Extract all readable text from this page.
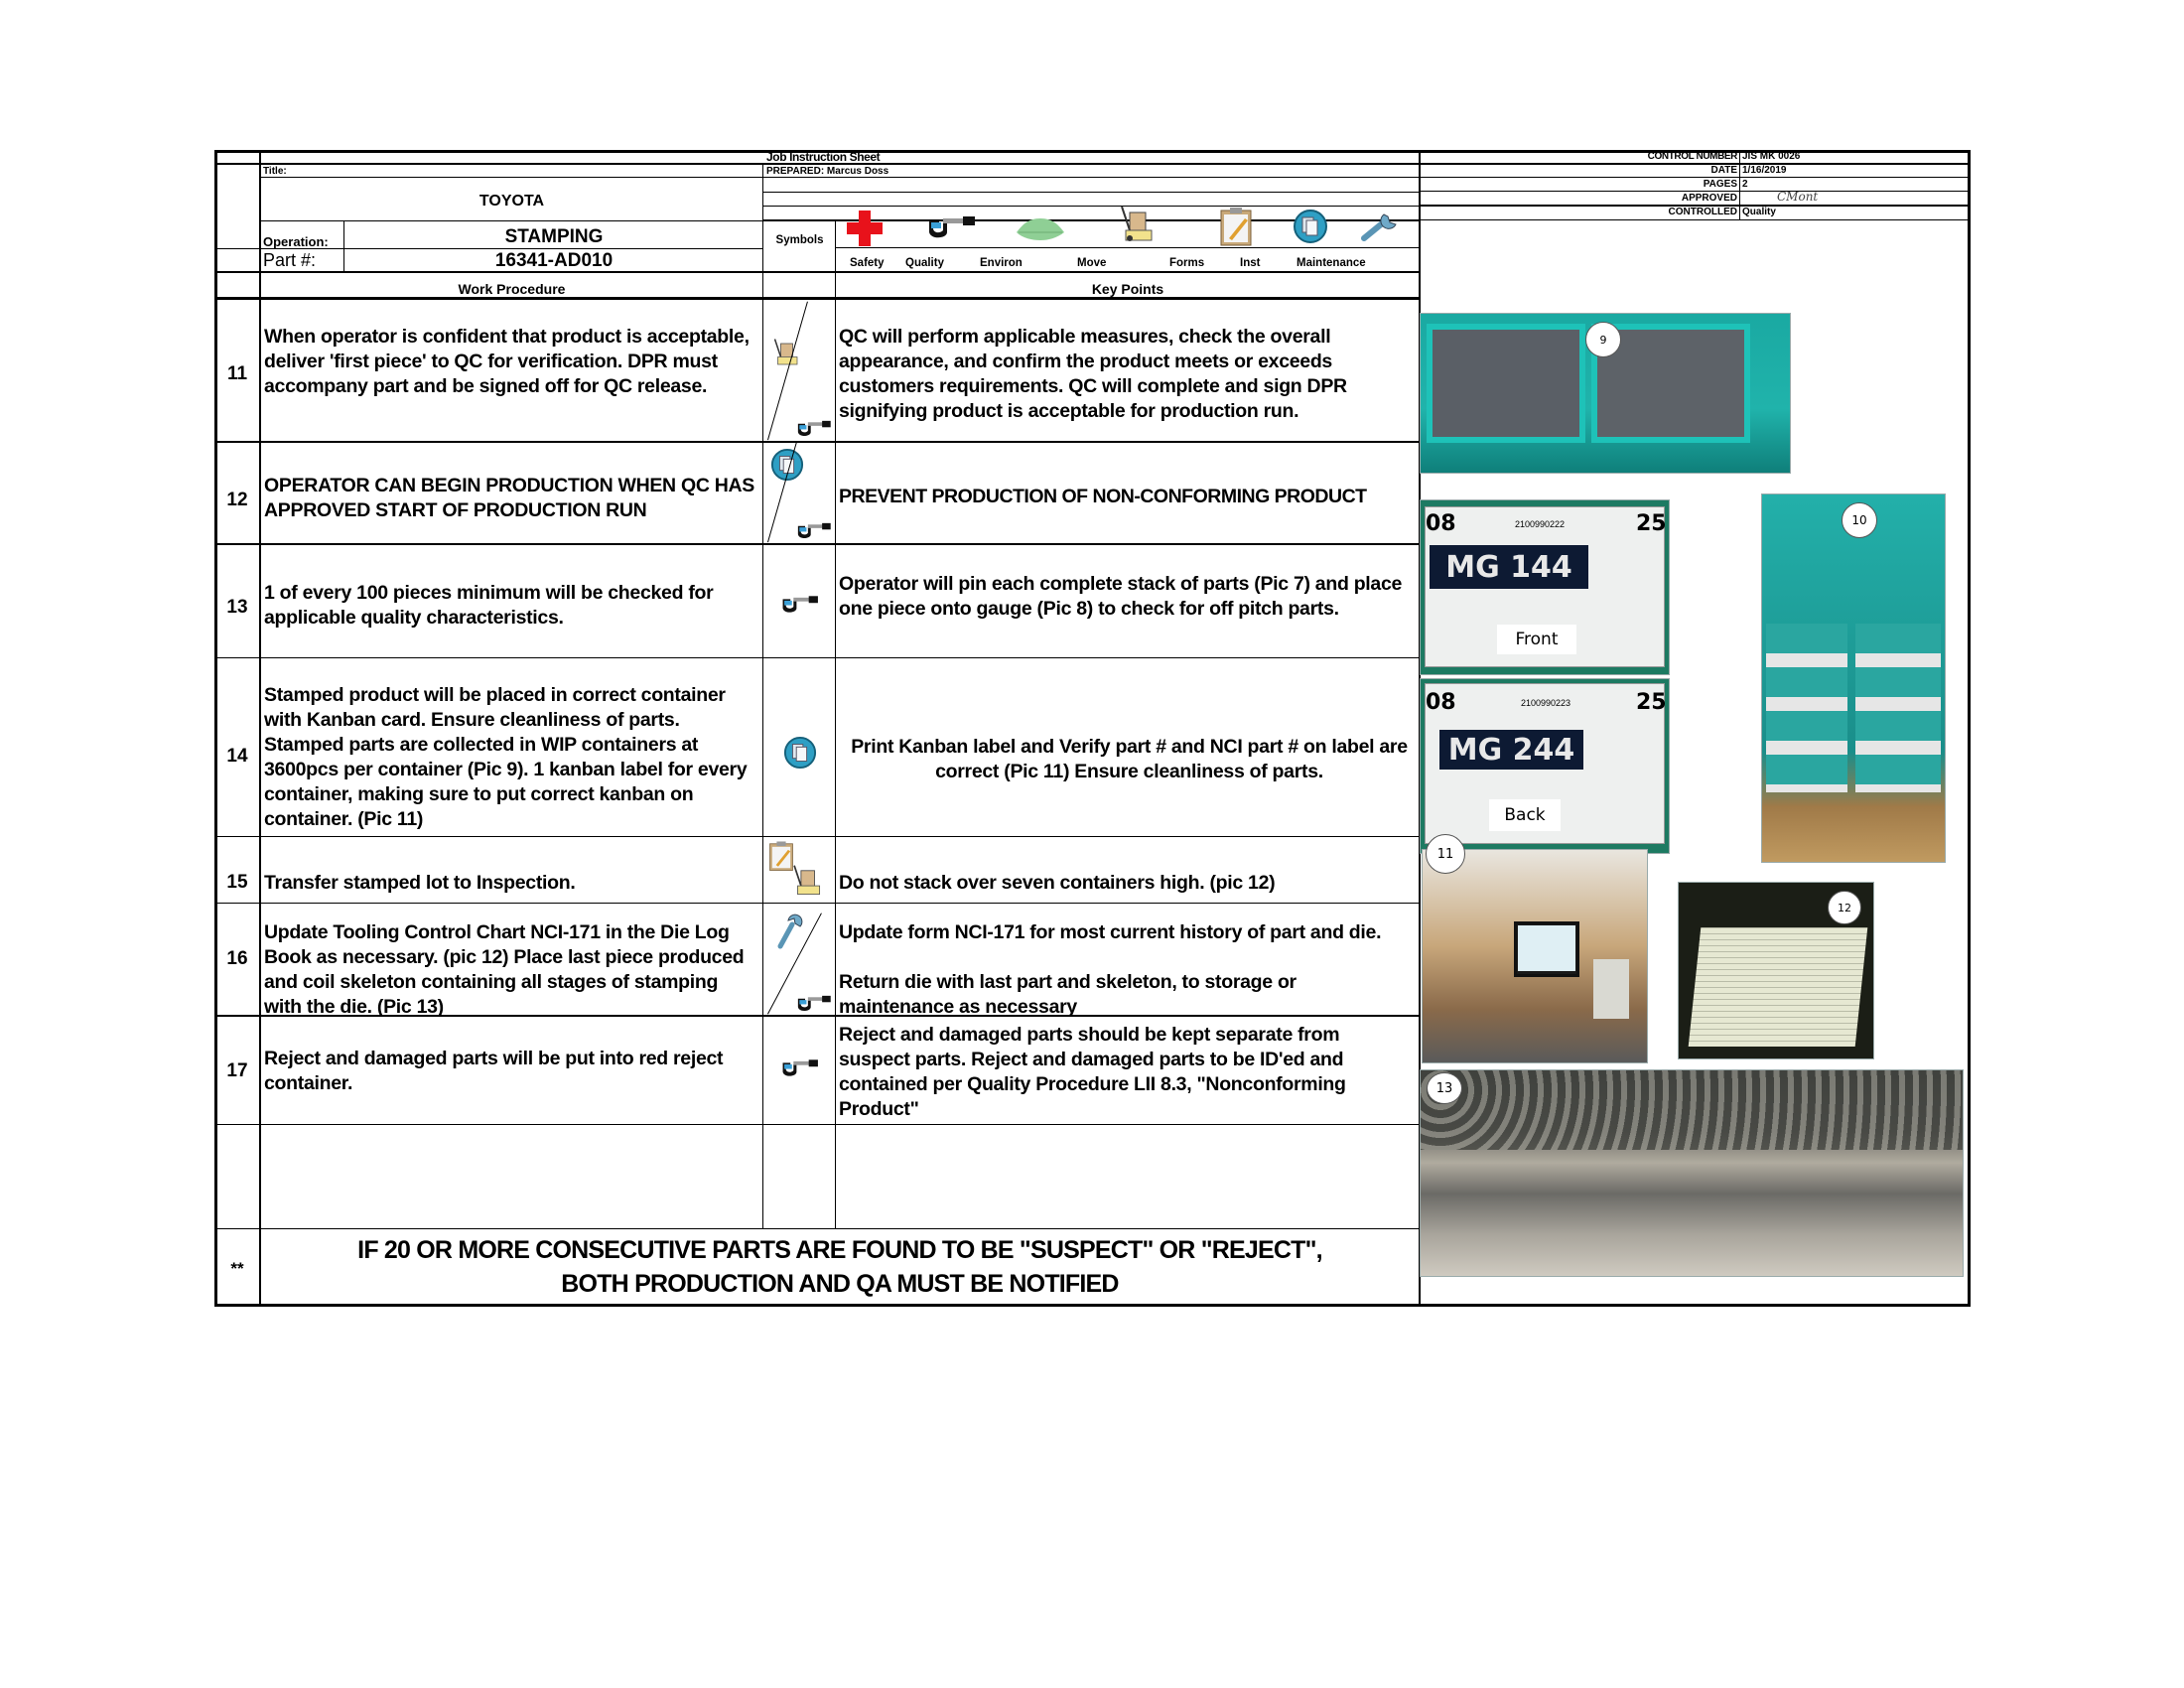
Job Instruction Sheet
Title:	PREPARED: Marcus Doss
TOYOTA
Operation:	STAMPING
Part #:	16341-AD010
Symbols
Work Procedure	Key Points
Safety Quality	Environ	Move	Forms	Inst	Maintenance
CONTROL NUMBER JIS MK 0026
DATE 1/16/2019
PAGES 2
APPROVED	CMont
CONTROLLED Quality
11
When operator is confident that product is acceptable, deliver 'first piece' to QC for verification. DPR must accompany part and be signed off for QC release.
QC will perform applicable measures, check the overall appearance, and confirm the product meets or exceeds customers requirements. QC will complete and sign DPR signifying product is acceptable for production run.
12
OPERATOR CAN BEGIN PRODUCTION WHEN QC HAS APPROVED START OF PRODUCTION RUN
PREVENT PRODUCTION OF NON-CONFORMING PRODUCT
13
1 of every 100 pieces minimum will be checked for applicable quality characteristics.
Operator will pin each complete stack of parts (Pic 7) and place one piece onto gauge (Pic 8) to check for off pitch parts.
14
Stamped product will be placed in correct container with Kanban card. Ensure cleanliness of parts. Stamped parts are collected in WIP containers at 3600pcs per container (Pic 9). 1 kanban label for every container, making sure to put correct kanban on container. (Pic 11)
Print Kanban label and Verify part # and NCI part # on label are correct (Pic 11) Ensure cleanliness of parts.
15 Transfer stamped lot to Inspection.	Do not stack over seven containers high. (pic 12)
16
Update Tooling Control Chart NCI-171 in the Die Log Book as necessary. (pic 12) Place last piece produced and coil skeleton containing all stages of stamping with the die. (Pic 13)
Update form NCI-171 for most current history of part and die.
Return die with last part and skeleton, to storage or maintenance as necessary
17
Reject and damaged parts will be put into red reject container.
Reject and damaged parts should be kept separate from suspect parts. Reject and damaged parts to be ID'ed and contained per Quality Procedure LII 8.3, "Nonconforming Product"
**
IF 20 OR MORE CONSECUTIVE PARTS ARE FOUND TO BE "SUSPECT" OR "REJECT",
BOTH PRODUCTION AND QA MUST BE NOTIFIED
9
08	2100990222	25
MG 144
Front
08	2100990223	25
MG 244
Back
10
11
12
13
